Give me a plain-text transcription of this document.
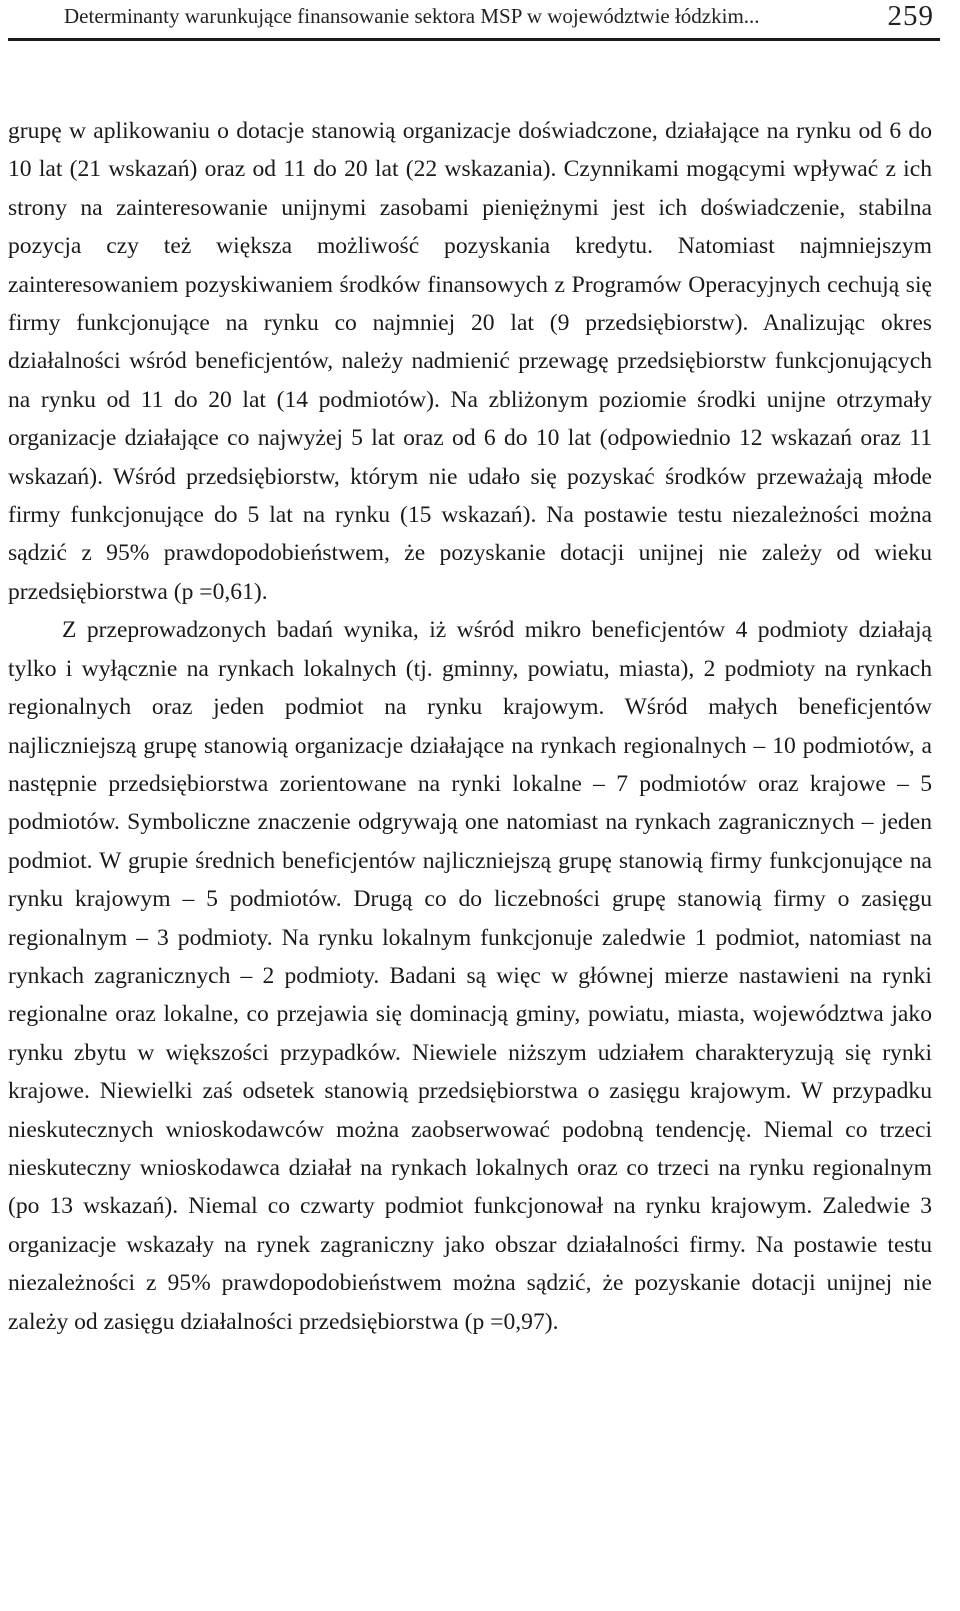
Determinanty warunkujące finansowanie sektora MSP w województwie łódzkim...	259

grupę w aplikowaniu o dotacje stanowią organizacje doświadczone, działające na rynku od 6 do 10 lat (21 wskazań) oraz od 11 do 20 lat (22 wskazania). Czynnikami mogącymi wpływać z ich strony na zainteresowanie unijnymi zasobami pieniężnymi jest ich doświadczenie, stabilna pozycja czy też większa możliwość pozyskania kredytu. Natomiast najmniejszym zainteresowaniem pozyskiwaniem środków finansowych z Programów Operacyjnych cechują się firmy funkcjonujące na rynku co najmniej 20 lat (9 przedsiębiorstw). Analizując okres działalności wśród beneficjentów, należy nadmienić przewagę przedsiębiorstw funkcjonujących na rynku od 11 do 20 lat (14 podmiotów). Na zbliżonym poziomie środki unijne otrzymały organizacje działające co najwyżej 5 lat oraz od 6 do 10 lat (odpowiednio 12 wskazań oraz 11 wskazań). Wśród przedsiębiorstw, którym nie udało się pozyskać środków przeważają młode firmy funkcjonujące do 5 lat na rynku (15 wskazań). Na postawie testu niezależności można sądzić z 95% prawdopodobieństwem, że pozyskanie dotacji unijnej nie zależy od wieku przedsiębiorstwa (p =0,61).

Z przeprowadzonych badań wynika, iż wśród mikro beneficjentów 4 podmioty działają tylko i wyłącznie na rynkach lokalnych (tj. gminny, powiatu, miasta), 2 podmioty na rynkach regionalnych oraz jeden podmiot na rynku krajowym. Wśród małych beneficjentów najliczniejszą grupę stanowią organizacje działające na rynkach regionalnych – 10 podmiotów, a następnie przedsiębiorstwa zorientowane na rynki lokalne – 7 podmiotów oraz krajowe – 5 podmiotów. Symboliczne znaczenie odgrywają one natomiast na rynkach zagranicznych – jeden podmiot. W grupie średnich beneficjentów najliczniejszą grupę stanowią firmy funkcjonujące na rynku krajowym – 5 podmiotów. Drugą co do liczebności grupę stanowią firmy o zasięgu regionalnym – 3 podmioty. Na rynku lokalnym funkcjonuje zaledwie 1 podmiot, natomiast na rynkach zagranicznych – 2 podmioty. Badani są więc w głównej mierze nastawieni na rynki regionalne oraz lokalne, co przejawia się dominacją gminy, powiatu, miasta, województwa jako rynku zbytu w większości przypadków. Niewiele niższym udziałem charakteryzują się rynki krajowe. Niewielki zaś odsetek stanowią przedsiębiorstwa o zasięgu krajowym. W przypadku nieskutecznych wnioskodawców można zaobserwować podobną tendencję. Niemal co trzeci nieskuteczny wnioskodawca działał na rynkach lokalnych oraz co trzeci na rynku regionalnym (po 13 wskazań). Niemal co czwarty podmiot funkcjonował na rynku krajowym. Zaledwie 3 organizacje wskazały na rynek zagraniczny jako obszar działalności firmy. Na postawie testu niezależności z 95% prawdopodobieństwem można sądzić, że pozyskanie dotacji unijnej nie zależy od zasięgu działalności przedsiębiorstwa (p =0,97).
